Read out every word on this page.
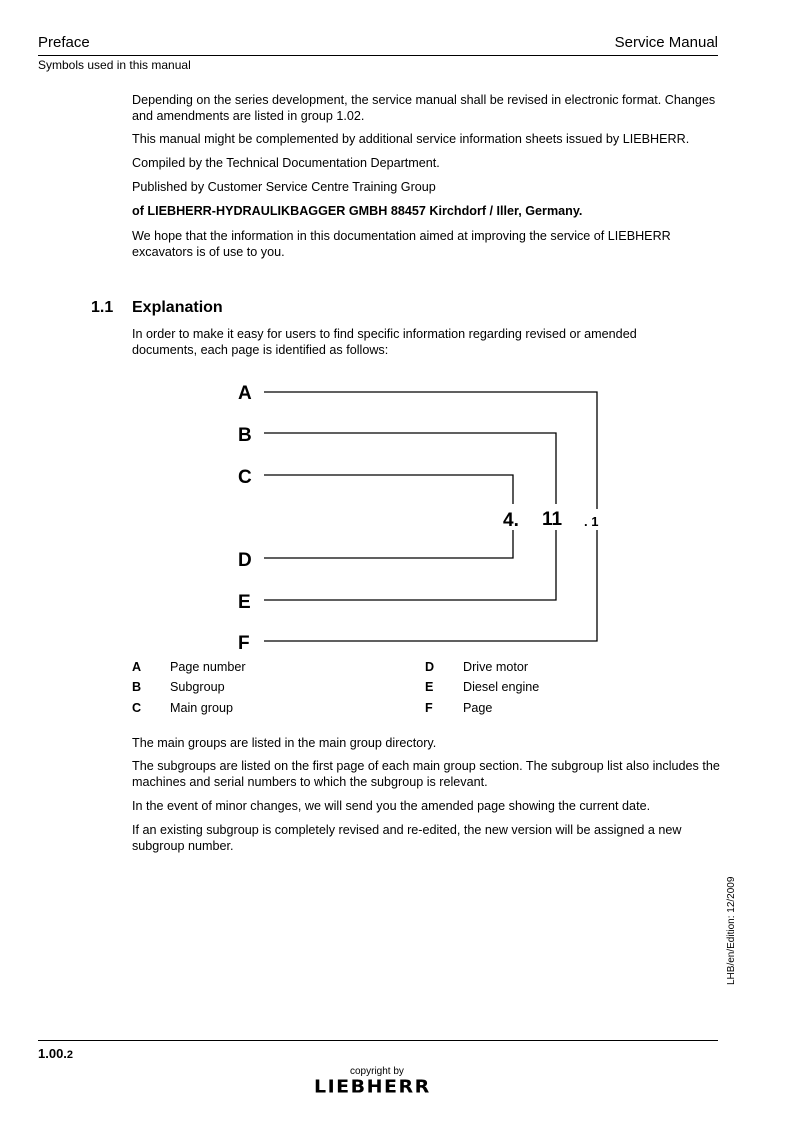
Preface	Service Manual
Symbols used in this manual
Depending on the series development, the service manual shall be revised in electronic format. Changes and amendments are listed in group 1.02.
This manual might be complemented by additional service information sheets issued by LIEBHERR.
Compiled by the Technical Documentation Department.
Published by Customer Service Centre Training Group
of LIEBHERR-HYDRAULIKBAGGER GMBH 88457 Kirchdorf / Iller, Germany.
We hope that the information in this documentation aimed at improving the service of LIEBHERR excavators is of use to you.
1.1 Explanation
In order to make it easy for users to find specific information regarding revised or amended documents, each page is identified as follows:
A
B
C
D
E
F
4. 11 . 1
A Page number
B Subgroup
C Main group
D Drive motor
E Diesel engine
F Page
The main groups are listed in the main group directory.
The subgroups are listed on the first page of each main group section. The subgroup list also includes the machines and serial numbers to which the subgroup is relevant.
In the event of minor changes, we will send you the amended page showing the current date.
If an existing subgroup is completely revised and re-edited, the new version will be assigned a new subgroup number.
LHB/en/Edition: 12/2009
1.00.2
copyright by
LIEBHERR
